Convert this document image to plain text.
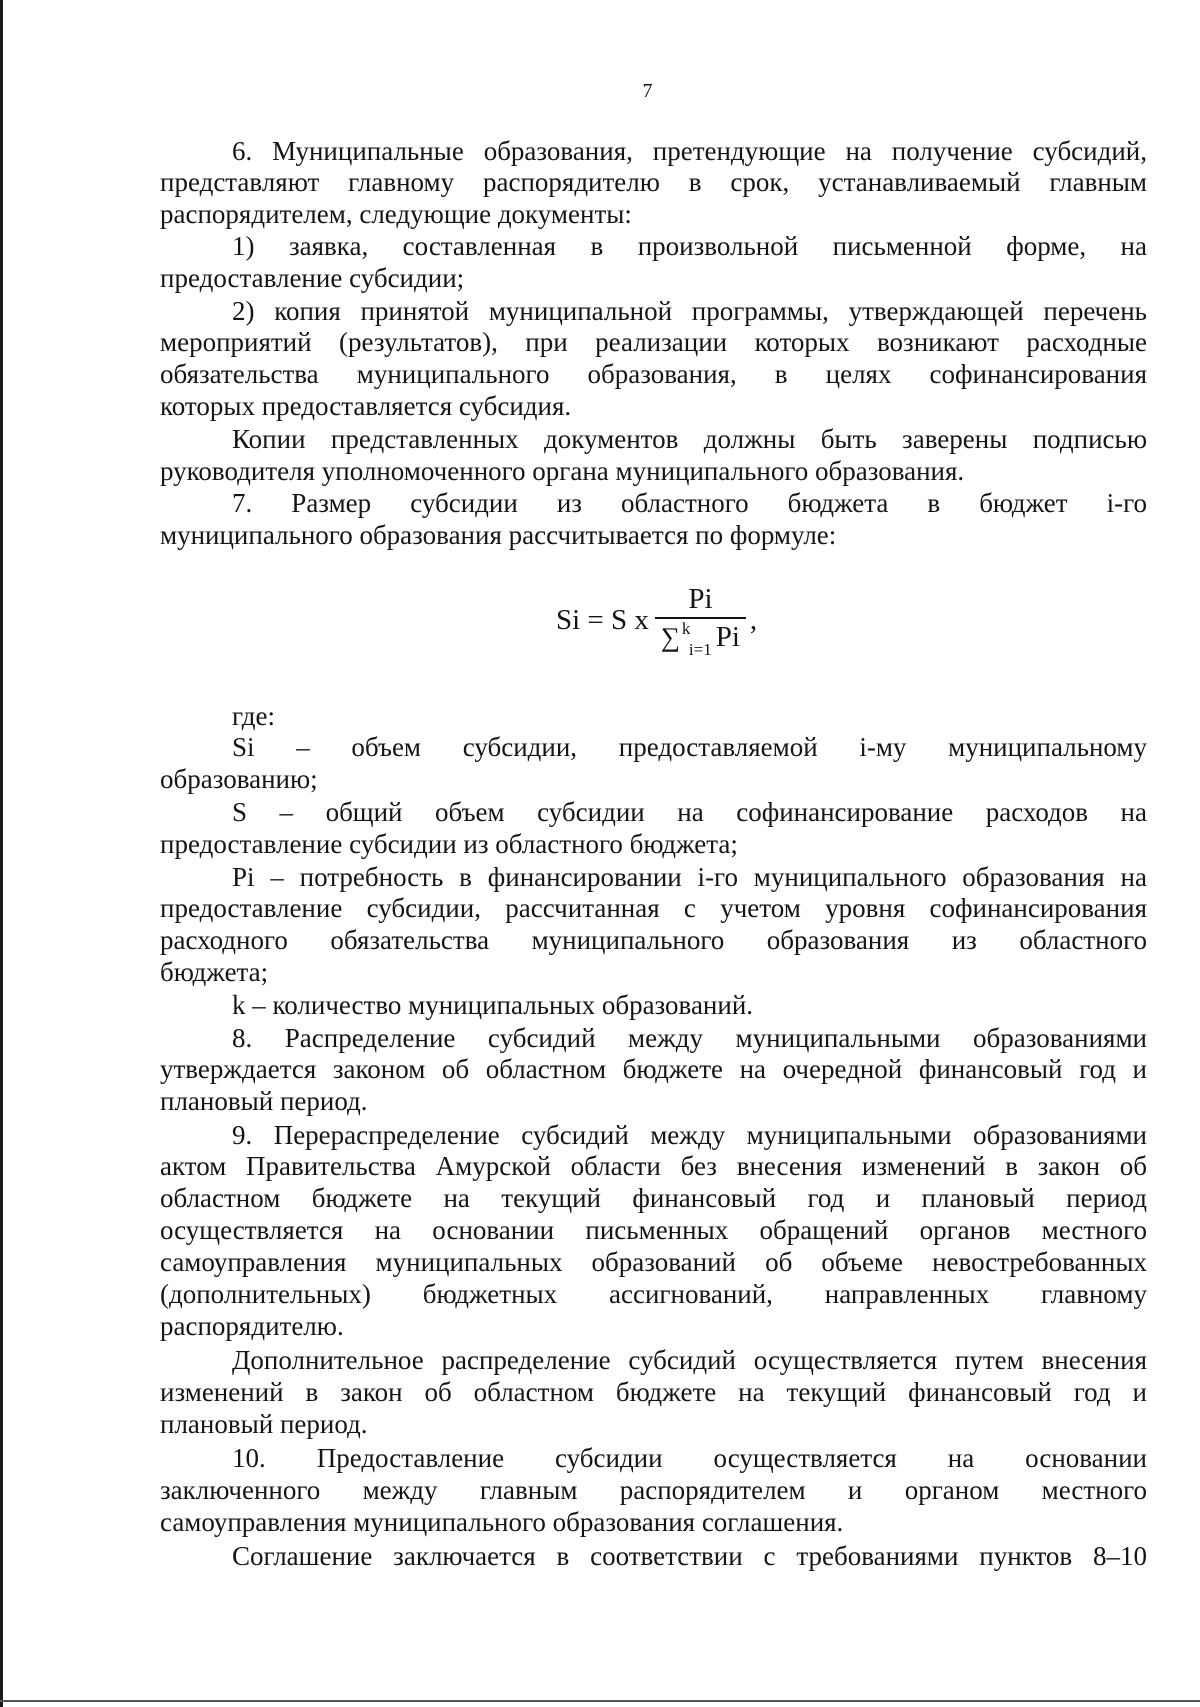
7
6. Муниципальные образования, претендующие на получение субсидий,
представляют главному распорядителю в срок, устанавливаемый главным
распорядителем, следующие документы:
1) заявка, составленная в произвольной письменной форме, на
предоставление субсидии;
2) копия принятой муниципальной программы, утверждающей перечень
мероприятий (результатов), при реализации которых возникают расходные
обязательства муниципального образования, в целях софинансирования
которых предоставляется субсидия.
Копии представленных документов должны быть заверены подписью
руководителя уполномоченного органа муниципального образования.
7. Размер субсидии из областного бюджета в бюджет i-го
муниципального образования рассчитывается по формуле:
Si = S x Pi
∑ k
$_{i=1}$ Pi ,
где:
Si – объем субсидии, предоставляемой i-му муниципальному
образованию;
S – общий объем субсидии на софинансирование расходов на
предоставление субсидии из областного бюджета;
Pi – потребность в финансировании i-го муниципального образования на
предоставление субсидии, рассчитанная с учетом уровня софинансирования
расходного обязательства муниципального образования из областного
бюджета;
k – количество муниципальных образований.
8. Распределение субсидий между муниципальными образованиями
утверждается законом об областном бюджете на очередной финансовый год и
плановый период.
9. Перераспределение субсидий между муниципальными образованиями
актом Правительства Амурской области без внесения изменений в закон об
областном бюджете на текущий финансовый год и плановый период
осуществляется на основании письменных обращений органов местного
самоуправления муниципальных образований об объеме невостребованных
(дополнительных) бюджетных ассигнований, направленных главному
распорядителю.
Дополнительное распределение субсидий осуществляется путем внесения
изменений в закон об областном бюджете на текущий финансовый год и
плановый период.
10. Предоставление субсидии осуществляется на основании
заключенного между главным распорядителем и органом местного
самоуправления муниципального образования соглашения.
Соглашение заключается в соответствии с требованиями пунктов 8–10
